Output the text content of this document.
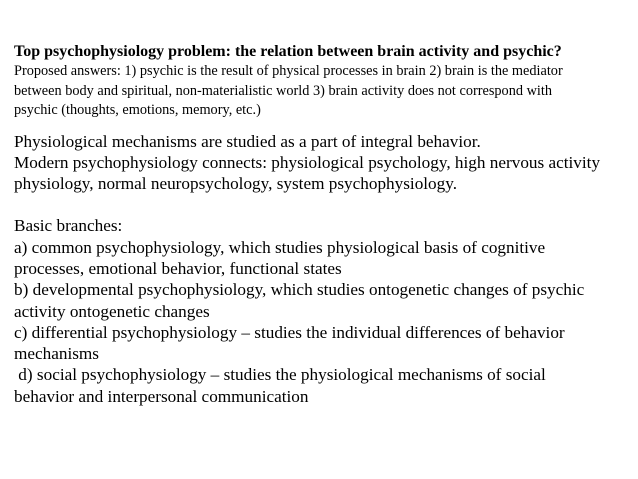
Top psychophysiology problem: the relation between brain activity and psychic?

Proposed answers: 1) psychic is the result of physical processes in brain 2) brain is the mediator
between body and spiritual, non-materialistic world 3) brain activity does not correspond with
psychic (thoughts, emotions, memory, etc.)

Physiological mechanisms are studied as a part of integral behavior.
Modern psychophysiology connects: physiological psychology, high nervous activity
physiology, normal neuropsychology, system psychophysiology.

Basic branches:
a) common psychophysiology, which studies physiological basis of cognitive
processes, emotional behavior, functional states
b) developmental psychophysiology, which studies ontogenetic changes of psychic
activity ontogenetic changes
c) differential psychophysiology – studies the individual differences of behavior
mechanisms
d) social psychophysiology – studies the physiological mechanisms of social
behavior and interpersonal communication
